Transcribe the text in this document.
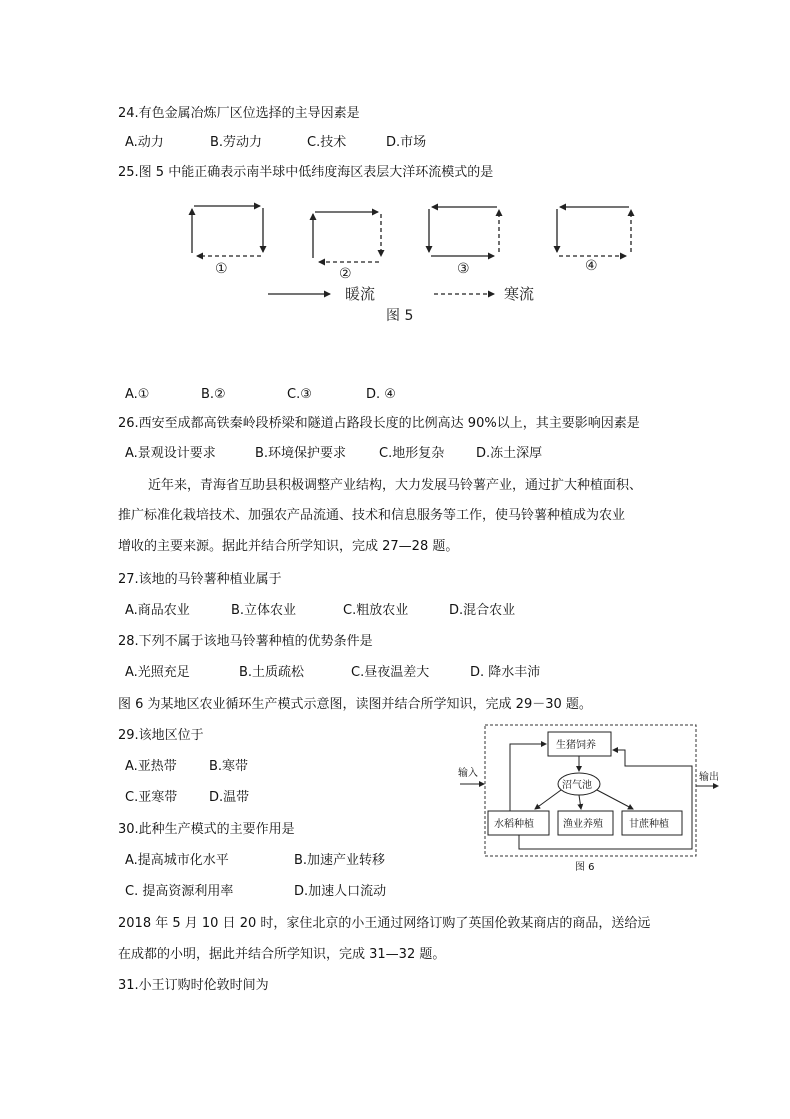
24.有色金属冶炼厂区位选择的主导因素是
A.动力	B.劳动力	C.技术	D.市场
25.图 5 中能正确表示南半球中低纬度海区表层大洋环流模式的是
①	②	③	④
暖流	寒流
图 5
A.①	B.②	C.③	D. ④
26.西安至成都高铁秦岭段桥梁和隧道占路段长度的比例高达 90%以上，其主要影响因素是
A.景观设计要求	B.环境保护要求	C.地形复杂 D.冻土深厚
近年来，青海省互助县积极调整产业结构，大力发展马铃薯产业，通过扩大种植面积、
推广标准化栽培技术、加强农产品流通、技术和信息服务等工作，使马铃薯种植成为农业
增收的主要来源。据此并结合所学知识，完成 27—28 题。
27.该地的马铃薯种植业属于
A.商品农业	B.立体农业	C.粗放农业	D.混合农业
28.下列不属于该地马铃薯种植的优势条件是
A.光照充足	B.土质疏松	C.昼夜温差大	D. 降水丰沛
图 6 为某地区农业循环生产模式示意图，读图并结合所学知识，完成 29－30 题。
29.该地区位于
A.亚热带 B.寒带
C.亚寒带 D.温带
30.此种生产模式的主要作用是
A.提高城市化水平	B.加速产业转移
C. 提高资源利用率	D.加速人口流动
生猪饲养
沼气池
水稻种植	渔业养殖	甘蔗种植
输入	输出
图 6
2018 年 5 月 10 日 20 时，家住北京的小王通过网络订购了英国伦敦某商店的商品，送给远
在成都的小明，据此并结合所学知识，完成 31—32 题。
31.小王订购时伦敦时间为
